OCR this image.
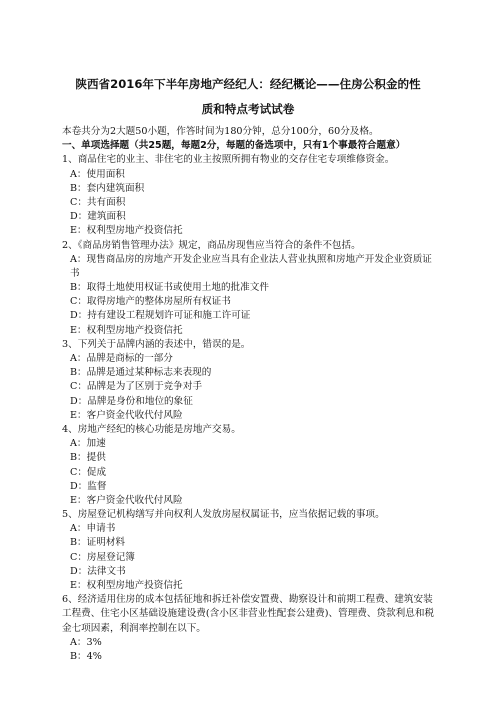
陕西省2016年下半年房地产经纪人：经纪概论——住房公积金的性
质和特点考试试卷
本卷共分为2大题50小题，作答时间为180分钟，总分100分，60分及格。
一、单项选择题（共25题，每题2分，每题的备选项中，只有1个事最符合题意）
1、商品住宅的业主、非住宅的业主按照所拥有物业的交存住宅专项维修资金。
A：使用面积
B：套内建筑面积
C：共有面积
D：建筑面积
E：权利型房地产投资信托
2、《商品房销售管理办法》规定，商品房现售应当符合的条件不包括。
A：现售商品房的房地产开发企业应当具有企业法人营业执照和房地产开发企业资质证书
B：取得土地使用权证书或使用土地的批准文件
C：取得房地产的整体房屋所有权证书
D：持有建设工程规划许可证和施工许可证
E：权利型房地产投资信托
3、下列关于品牌内涵的表述中，错误的是。
A：品牌是商标的一部分
B：品牌是通过某种标志来表现的
C：品牌是为了区别于竞争对手
D：品牌是身份和地位的象征
E：客户资金代收代付风险
4、房地产经纪的核心功能是房地产交易。
A：加速
B：提供
C：促成
D：监督
E：客户资金代收代付风险
5、房屋登记机构缮写并向权利人发放房屋权属证书，应当依据记载的事项。
A：申请书
B：证明材料
C：房屋登记簿
D：法律文书
E：权利型房地产投资信托
6、经济适用住房的成本包括征地和拆迁补偿安置费、勘察设计和前期工程费、建筑安装工程费、住宅小区基础设施建设费(含小区非营业性配套公建费)、管理费、贷款利息和税金七项因素，利润率控制在以下。
A：3%
B：4%
